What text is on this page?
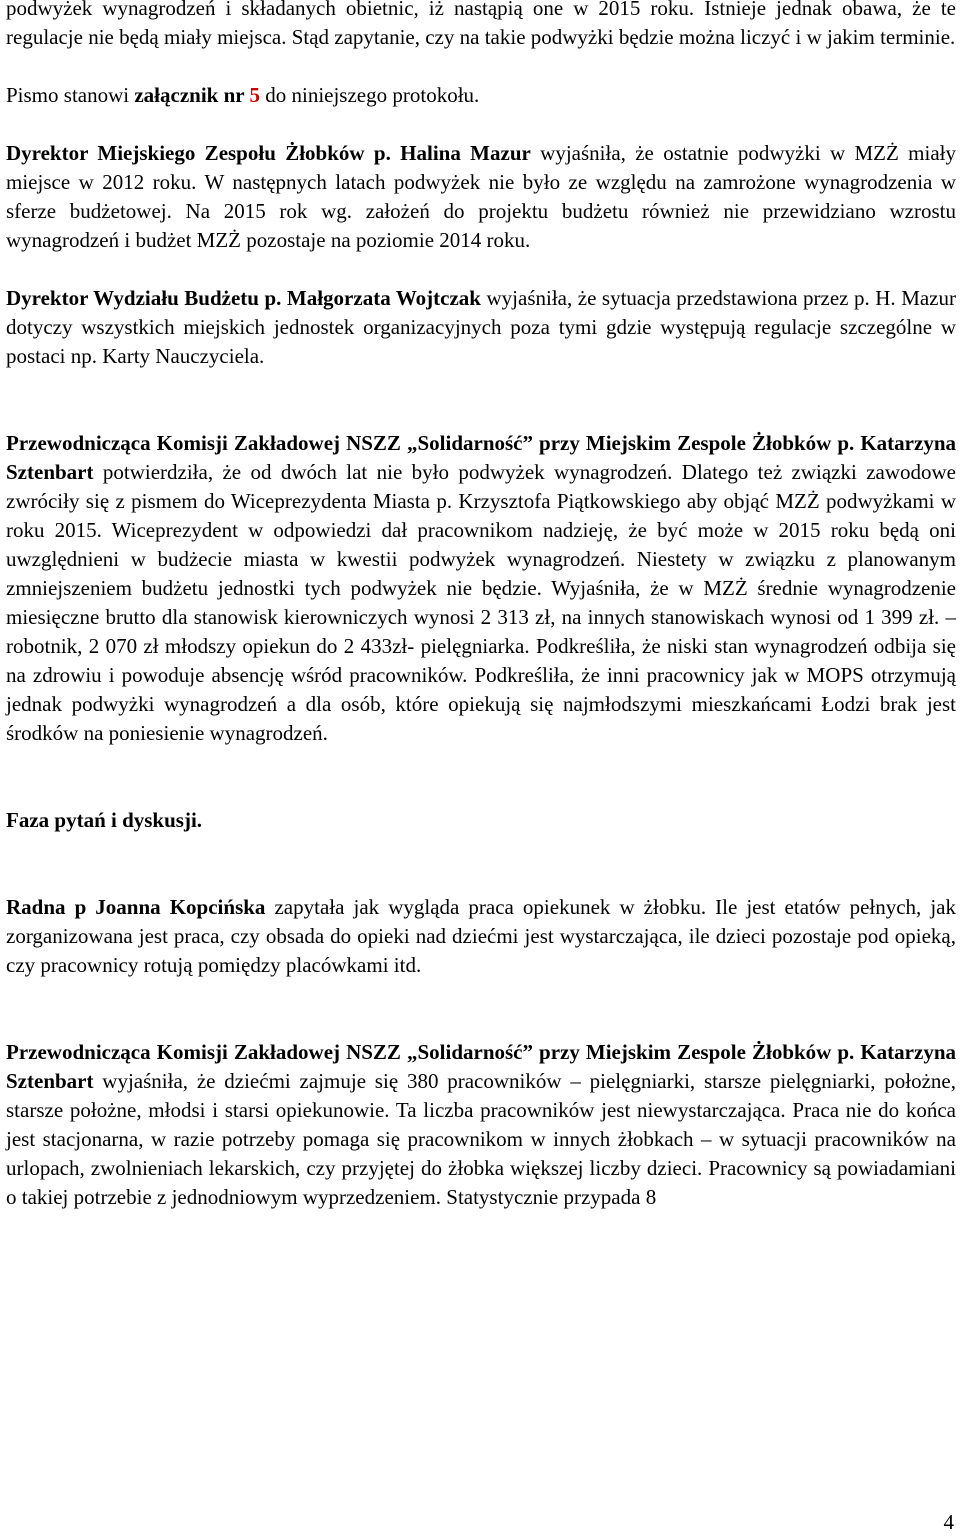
podwyżek wynagrodzeń i składanych obietnic, iż nastąpią one w 2015 roku. Istnieje jednak obawa, że te regulacje nie będą miały miejsca. Stąd zapytanie, czy na takie podwyżki będzie można liczyć i w jakim terminie.

Pismo stanowi załącznik nr 5 do niniejszego protokołu.

Dyrektor Miejskiego Zespołu Żłobków p. Halina Mazur wyjaśniła, że ostatnie podwyżki w MZŻ miały miejsce w 2012 roku. W następnych latach podwyżek nie było ze względu na zamrożone wynagrodzenia w sferze budżetowej. Na 2015 rok wg. założeń do projektu budżetu również nie przewidziano wzrostu wynagrodzeń i budżet MZŻ pozostaje na poziomie 2014 roku.

Dyrektor Wydziału Budżetu p. Małgorzata Wojtczak wyjaśniła, że sytuacja przedstawiona przez p. H. Mazur dotyczy wszystkich miejskich jednostek organizacyjnych poza tymi gdzie występują regulacje szczególne w postaci np. Karty Nauczyciela.

Przewodnicząca Komisji Zakładowej NSZZ „Solidarność” przy Miejskim Zespole Żłobków p. Katarzyna Sztenbart potwierdziła, że od dwóch lat nie było podwyżek wynagrodzeń. Dlatego też związki zawodowe zwróciły się z pismem do Wiceprezydenta Miasta p. Krzysztofa Piątkowskiego aby objąć MZŻ podwyżkami w roku 2015. Wiceprezydent w odpowiedzi dał pracownikom nadzieję, że być może w 2015 roku będą oni uwzględnieni w budżecie miasta w kwestii podwyżek wynagrodzeń. Niestety w związku z planowanym zmniejszeniem budżetu jednostki tych podwyżek nie będzie. Wyjaśniła, że w MZŻ średnie wynagrodzenie miesięczne brutto dla stanowisk kierowniczych wynosi 2 313 zł, na innych stanowiskach wynosi od 1 399 zł. – robotnik, 2 070 zł młodszy opiekun do 2 433zł- pielęgniarka. Podkreśliła, że niski stan wynagrodzeń odbija się na zdrowiu i powoduje absencję wśród pracowników. Podkreśliła, że inni pracownicy jak w MOPS otrzymują jednak podwyżki wynagrodzeń a dla osób, które opiekują się najmłodszymi mieszkańcami Łodzi brak jest środków na poniesienie wynagrodzeń.

Faza pytań i dyskusji.

Radna p Joanna Kopcińska zapytała jak wygląda praca opiekunek w żłobku. Ile jest etatów pełnych, jak zorganizowana jest praca, czy obsada do opieki nad dziećmi jest wystarczająca, ile dzieci pozostaje pod opieką, czy pracownicy rotują pomiędzy placówkami itd.

Przewodnicząca Komisji Zakładowej NSZZ „Solidarność” przy Miejskim Zespole Żłobków p. Katarzyna Sztenbart wyjaśniła, że dziećmi zajmuje się 380 pracowników – pielęgniarki, starsze pielęgniarki, położne, starsze położne, młodsi i starsi opiekunowie. Ta liczba pracowników jest niewystarczająca. Praca nie do końca jest stacjonarna, w razie potrzeby pomaga się pracownikom w innych żłobkach – w sytuacji pracowników na urlopach, zwolnieniach lekarskich, czy przyjętej do żłobka większej liczby dzieci. Pracownicy są powiadamiani o takiej potrzebie z jednodniowym wyprzedzeniem. Statystycznie przypada 8

4
